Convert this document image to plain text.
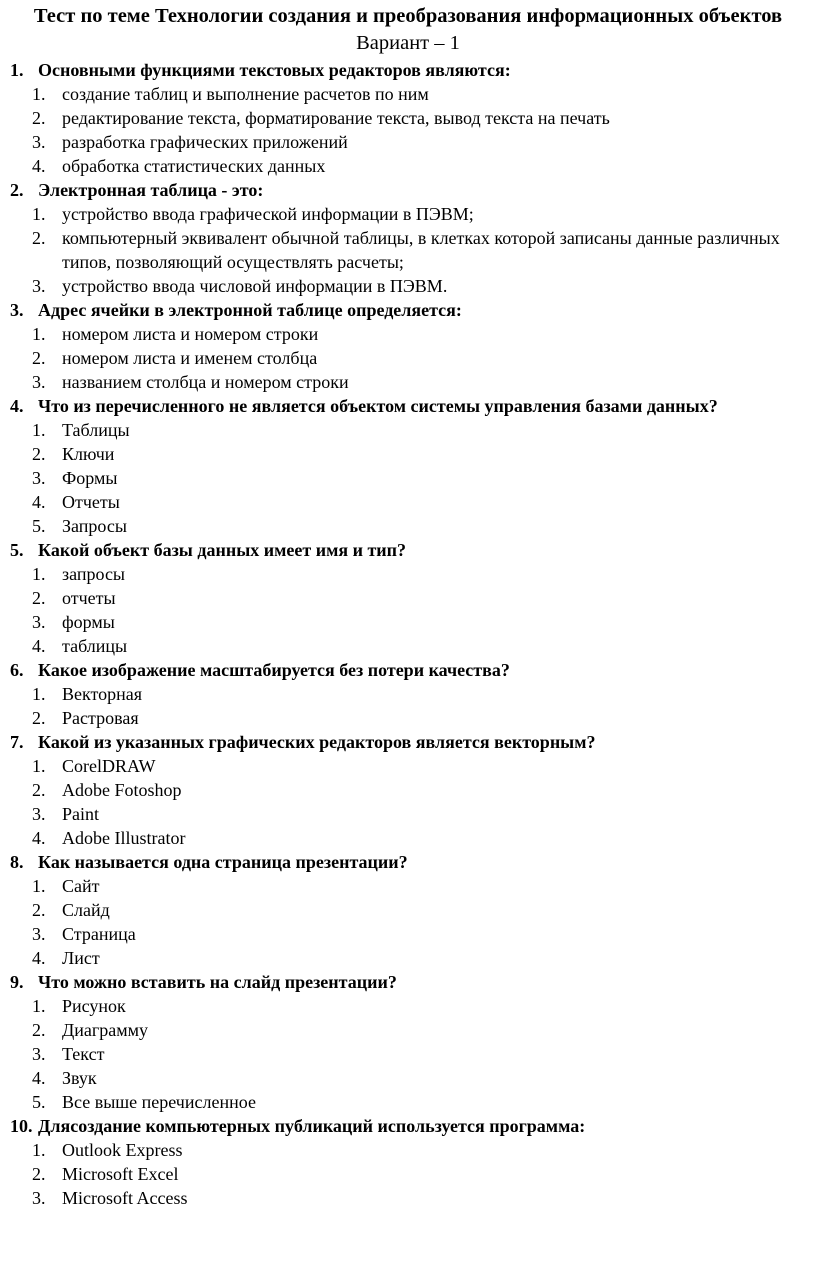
Тест по теме Технологии создания и преобразования информационных объектов
Вариант – 1
1. Основными функциями текстовых редакторов являются:
1. создание таблиц и выполнение расчетов по ним
2. редактирование текста, форматирование текста, вывод текста на печать
3. разработка графических приложений
4. обработка статистических данных
2. Электронная таблица - это:
1. устройство ввода графической информации в ПЭВМ;
2. компьютерный эквивалент обычной таблицы, в клетках которой записаны данные различных типов, позволяющий осуществлять расчеты;
3. устройство ввода числовой информации в ПЭВМ.
3. Адрес ячейки в электронной таблице определяется:
1. номером листа и номером строки
2. номером листа и именем столбца
3. названием столбца и номером строки
4. Что из перечисленного не является объектом системы управления базами данных?
1. Таблицы
2. Ключи
3. Формы
4. Отчеты
5. Запросы
5. Какой объект базы данных имеет имя и тип?
1. запросы
2. отчеты
3. формы
4. таблицы
6. Какое изображение масштабируется без потери качества?
1. Векторная
2. Растровая
7. Какой из указанных графических редакторов является векторным?
1. CorelDRAW
2. Adobe Fotoshop
3. Paint
4. Adobe Illustrator
8. Как называется одна страница презентации?
1. Сайт
2. Слайд
3. Страница
4. Лист
9. Что можно вставить на слайд презентации?
1. Рисунок
2. Диаграмму
3. Текст
4. Звук
5. Все выше перечисленное
10. Длясоздание компьютерных публикаций используется программа:
1. Outlook Express
2. Microsoft Excel
3. Microsoft Access
